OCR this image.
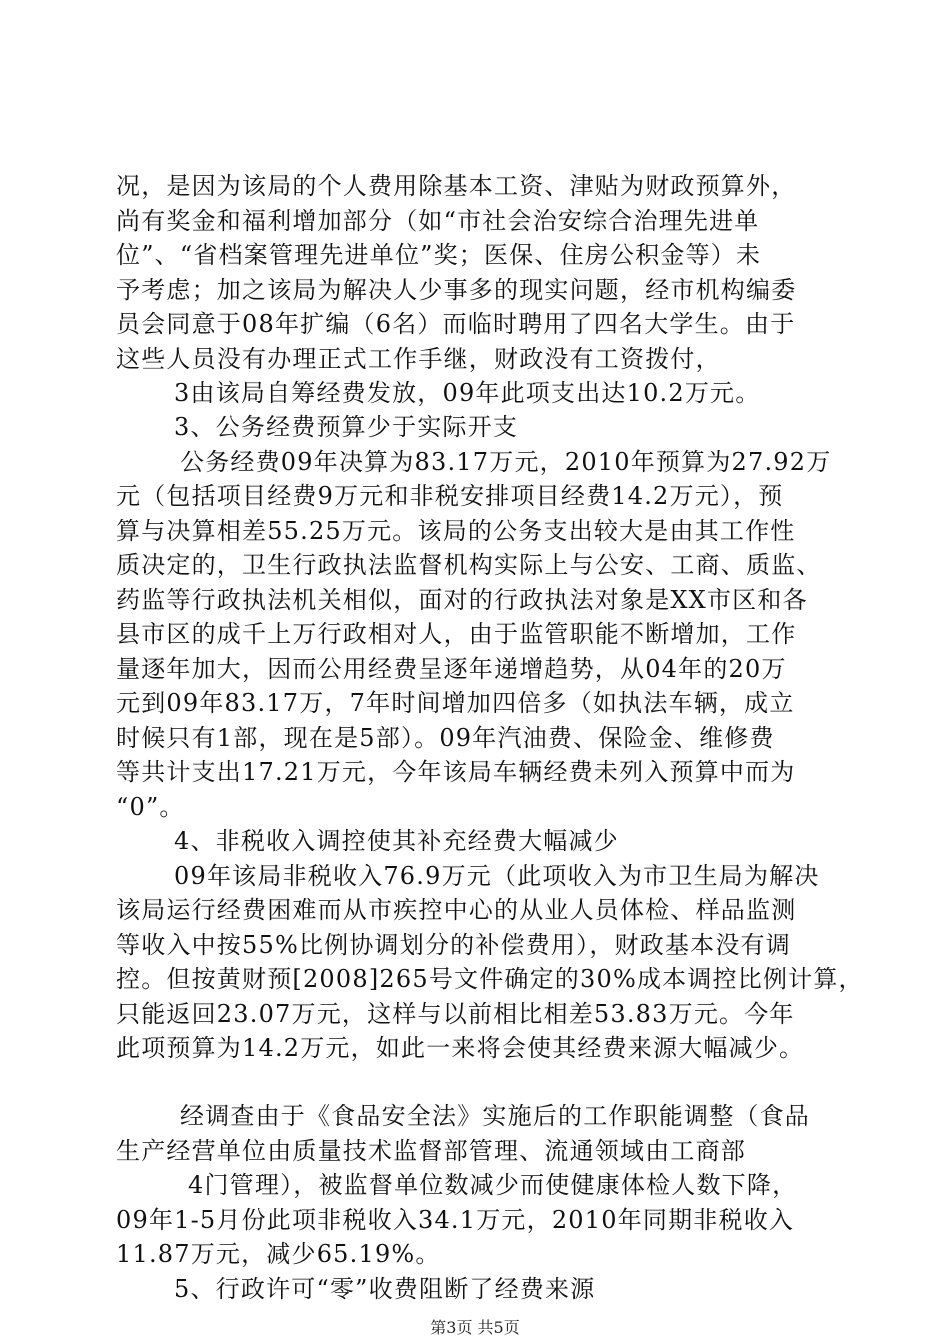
况，是因为该局的个人费用除基本工资、津贴为财政预算外，
尚有奖金和福利增加部分（如“市社会治安综合治理先进单
位”、“省档案管理先进单位”奖；医保、住房公积金等）未
予考虑；加之该局为解决人少事多的现实问题，经市机构编委
员会同意于08年扩编（6名）而临时聘用了四名大学生。由于
这些人员没有办理正式工作手继，财政没有工资拨付，
3由该局自筹经费发放，09年此项支出达10.2万元。
3、公务经费预算少于实际开支
公务经费09年决算为83.17万元，2010年预算为27.92万
元（包括项目经费9万元和非税安排项目经费14.2万元），预
算与决算相差55.25万元。该局的公务支出较大是由其工作性
质决定的，卫生行政执法监督机构实际上与公安、工商、质监、
药监等行政执法机关相似，面对的行政执法对象是XX市区和各
县市区的成千上万行政相对人，由于监管职能不断增加，工作
量逐年加大，因而公用经费呈逐年递增趋势，从04年的20万
元到09年83.17万，7年时间增加四倍多（如执法车辆，成立
时候只有1部，现在是5部）。09年汽油费、保险金、维修费
等共计支出17.21万元，今年该局车辆经费未列入预算中而为
“0”。
4、非税收入调控使其补充经费大幅减少
09年该局非税收入76.9万元（此项收入为市卫生局为解决
该局运行经费困难而从市疾控中心的从业人员体检、样品监测
等收入中按55%比例协调划分的补偿费用），财政基本没有调
控。但按黄财预[2008]265号文件确定的30%成本调控比例计算，
只能返回23.07万元，这样与以前相比相差53.83万元。今年
此项预算为14.2万元，如此一来将会使其经费来源大幅减少。
经调查由于《食品安全法》实施后的工作职能调整（食品
生产经营单位由质量技术监督部管理、流通领域由工商部
4门管理），被监督单位数减少而使健康体检人数下降，
09年1-5月份此项非税收入34.1万元，2010年同期非税收入
11.87万元，减少65.19%。
5、行政许可“零”收费阻断了经费来源
第3页 共5页
